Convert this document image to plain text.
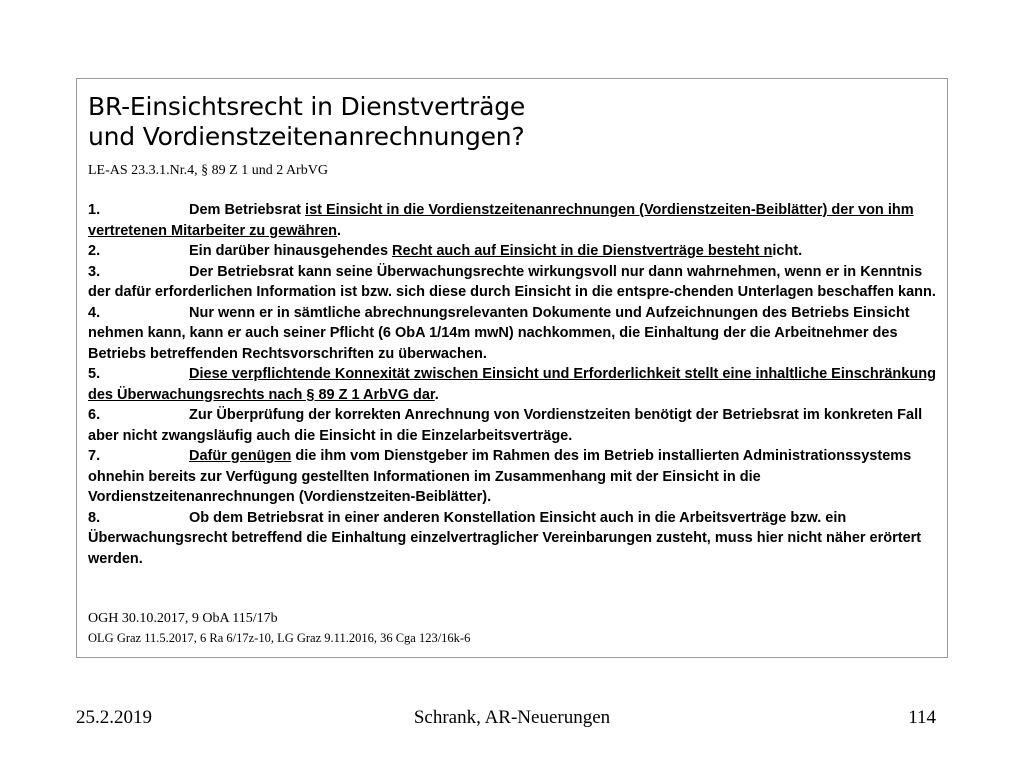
BR-Einsichtsrecht in Dienstverträge
und Vordienstzeitenanrechnungen?
LE-AS 23.3.1.Nr.4, § 89 Z 1 und 2 ArbVG

1.	Dem Betriebsrat ist Einsicht in die Vordienstzeitenanrechnungen (Vordienstzeiten-Beiblätter) der von ihm vertretenen Mitarbeiter zu gewähren.

2.	Ein darüber hinausgehendes Recht auch auf Einsicht in die Dienstverträge besteht nicht.

3.	Der Betriebsrat kann seine Überwachungsrechte wirkungsvoll nur dann wahrnehmen, wenn er in Kenntnis der dafür erforderlichen Information ist bzw. sich diese durch Einsicht in die entspre-chenden Unterlagen beschaffen kann.

4.	Nur wenn er in sämtliche abrechnungsrelevanten Dokumente und Aufzeichnungen des Betriebs Einsicht nehmen kann, kann er auch seiner Pflicht (6 ObA 1/14m mwN) nachkommen, die Einhaltung der die Arbeitnehmer des Betriebs betreffenden Rechtsvorschriften zu überwachen.

5.	Diese verpflichtende Konnexität zwischen Einsicht und Erforderlichkeit stellt eine inhaltliche Einschränkung des Überwachungsrechts nach § 89 Z 1 ArbVG dar.

6.	Zur Überprüfung der korrekten Anrechnung von Vordienstzeiten benötigt der Betriebsrat im konkreten Fall aber nicht zwangsläufig auch die Einsicht in die Einzelarbeitsverträge.

7.	Dafür genügen die ihm vom Dienstgeber im Rahmen des im Betrieb installierten Administrationssystems ohnehin bereits zur Verfügung gestellten Informationen im Zusammenhang mit der Einsicht in die Vordienstzeitenanrechnungen (Vordienstzeiten-Beiblätter).

8.	Ob dem Betriebsrat in einer anderen Konstellation Einsicht auch in die Arbeitsverträge bzw. ein Überwachungsrecht betreffend die Einhaltung einzelvertraglicher Vereinbarungen zusteht, muss hier nicht näher erörtert werden.

OGH 30.10.2017, 9 ObA 115/17b
OLG Graz 11.5.2017, 6 Ra 6/17z-10, LG Graz 9.11.2016, 36 Cga 123/16k-6
25.2.2019	Schrank, AR-Neuerungen	114
